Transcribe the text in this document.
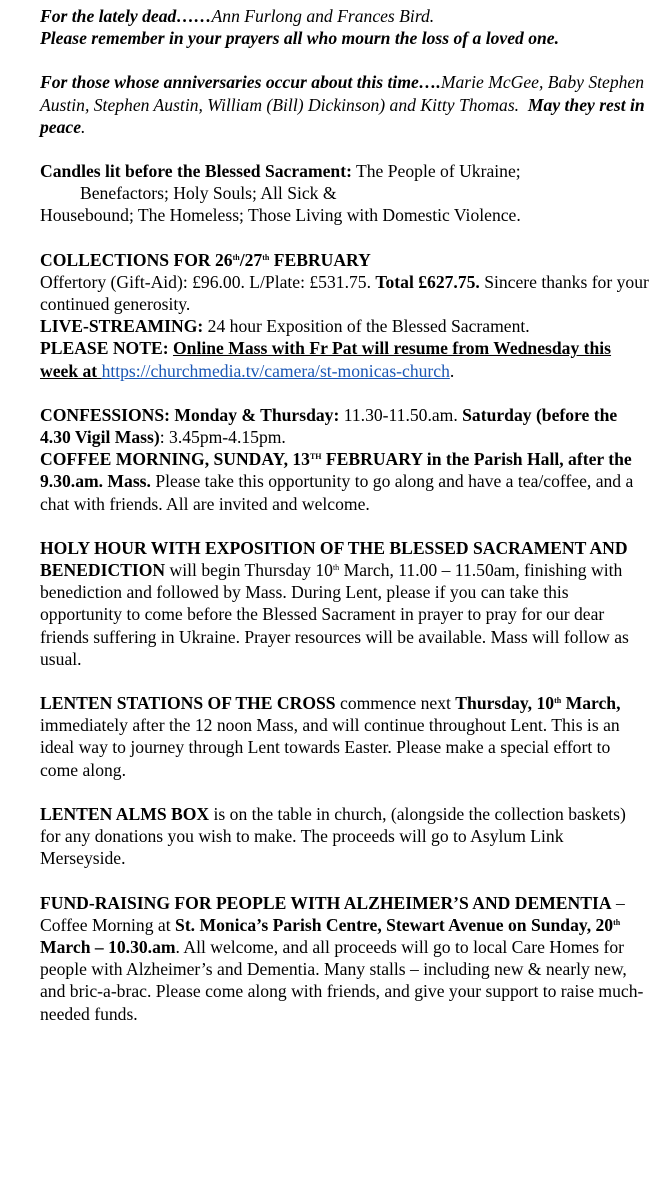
For the lately dead……Ann Furlong and Frances Bird.

Please remember in your prayers all who mourn the loss of a loved one.

For those whose anniversaries occur about this time….Marie McGee, Baby Stephen Austin, Stephen Austin, William (Bill) Dickinson) and Kitty Thomas. May they rest in peace.

Candles lit before the Blessed Sacrament: The People of Ukraine;

Benefactors; Holy Souls; All Sick &

Housebound; The Homeless; Those Living with Domestic Violence.

COLLECTIONS FOR 26th/27th FEBRUARY

Offertory (Gift-Aid): £96.00. L/Plate: £531.75. Total £627.75. Sincere thanks for your continued generosity.

LIVE-STREAMING: 24 hour Exposition of the Blessed Sacrament.

PLEASE NOTE: Online Mass with Fr Pat will resume from Wednesday this week at https://churchmedia.tv/camera/st-monicas-church.

CONFESSIONS: Monday & Thursday: 11.30-11.50.am. Saturday (before the 4.30 Vigil Mass): 3.45pm-4.15pm.

COFFEE MORNING, SUNDAY, 13TH FEBRUARY in the Parish Hall, after the 9.30.am. Mass. Please take this opportunity to go along and have a tea/coffee, and a chat with friends. All are invited and welcome.

HOLY HOUR WITH EXPOSITION OF THE BLESSED SACRAMENT AND BENEDICTION will begin Thursday 10th March, 11.00 – 11.50am, finishing with benediction and followed by Mass. During Lent, please if you can take this opportunity to come before the Blessed Sacrament in prayer to pray for our dear friends suffering in Ukraine. Prayer resources will be available. Mass will follow as usual.

LENTEN STATIONS OF THE CROSS commence next Thursday, 10th March, immediately after the 12 noon Mass, and will continue throughout Lent. This is an ideal way to journey through Lent towards Easter. Please make a special effort to come along.

LENTEN ALMS BOX is on the table in church, (alongside the collection baskets) for any donations you wish to make. The proceeds will go to Asylum Link Merseyside.

FUND-RAISING FOR PEOPLE WITH ALZHEIMER’S AND DEMENTIA – Coffee Morning at St. Monica’s Parish Centre, Stewart Avenue on Sunday, 20th March – 10.30.am. All welcome, and all proceeds will go to local Care Homes for people with Alzheimer’s and Dementia. Many stalls – including new & nearly new, and bric-a-brac. Please come along with friends, and give your support to raise much-needed funds.
